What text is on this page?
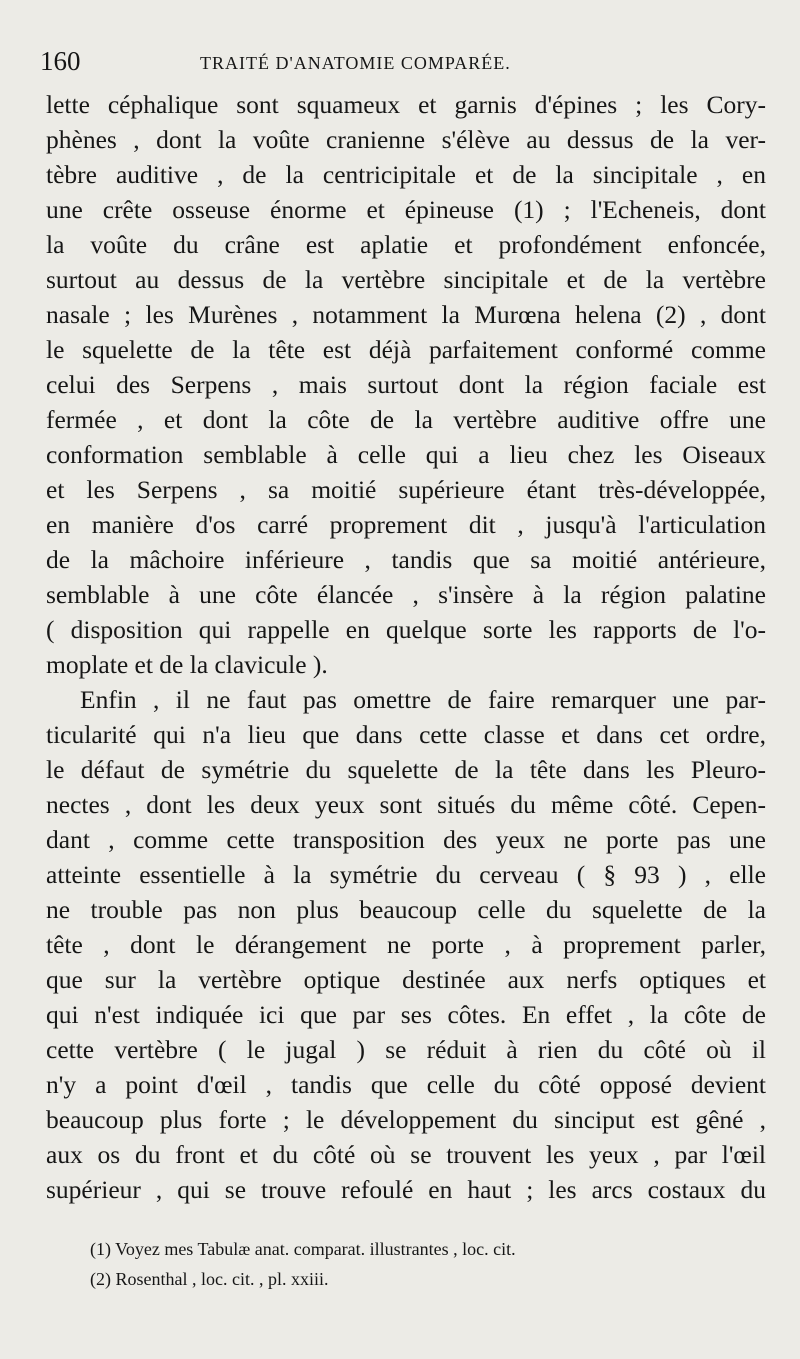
160	TRAITÉ D'ANATOMIE COMPARÉE.

lette céphalique sont squameux et garnis d'épines ; les Cory-

phènes , dont la voûte cranienne s'élève au dessus de la ver-

tèbre auditive , de la centricipitale et de la sincipitale , en

une crête osseuse énorme et épineuse (1) ; l'Echeneis, dont

la voûte du crâne est aplatie et profondément enfoncée,

surtout au dessus de la vertèbre sincipitale et de la vertèbre

nasale ; les Murènes , notamment la Murœna helena (2) , dont

le squelette de la tête est déjà parfaitement conformé comme

celui des Serpens , mais surtout dont la région faciale est

fermée , et dont la côte de la vertèbre auditive offre une

conformation semblable à celle qui a lieu chez les Oiseaux

et les Serpens , sa moitié supérieure étant très-développée,

en manière d'os carré proprement dit , jusqu'à l'articulation

de la mâchoire inférieure , tandis que sa moitié antérieure,

semblable à une côte élancée , s'insère à la région palatine

( disposition qui rappelle en quelque sorte les rapports de l'o-

moplate et de la clavicule ).

Enfin , il ne faut pas omettre de faire remarquer une par-

ticularité qui n'a lieu que dans cette classe et dans cet ordre,

le défaut de symétrie du squelette de la tête dans les Pleuro-

nectes , dont les deux yeux sont situés du même côté. Cepen-

dant , comme cette transposition des yeux ne porte pas une

atteinte essentielle à la symétrie du cerveau ( § 93 ) , elle

ne trouble pas non plus beaucoup celle du squelette de la

tête , dont le dérangement ne porte , à proprement parler,

que sur la vertèbre optique destinée aux nerfs optiques et

qui n'est indiquée ici que par ses côtes. En effet , la côte de

cette vertèbre ( le jugal ) se réduit à rien du côté où il

n'y a point d'œil , tandis que celle du côté opposé devient

beaucoup plus forte ; le développement du sinciput est gêné ,

aux os du front et du côté où se trouvent les yeux , par l'œil

supérieur , qui se trouve refoulé en haut ; les arcs costaux du

(1) Voyez mes Tabulæ anat. comparat. illustrantes , loc. cit.

(2) Rosenthal , loc. cit. , pl. xxiii.
